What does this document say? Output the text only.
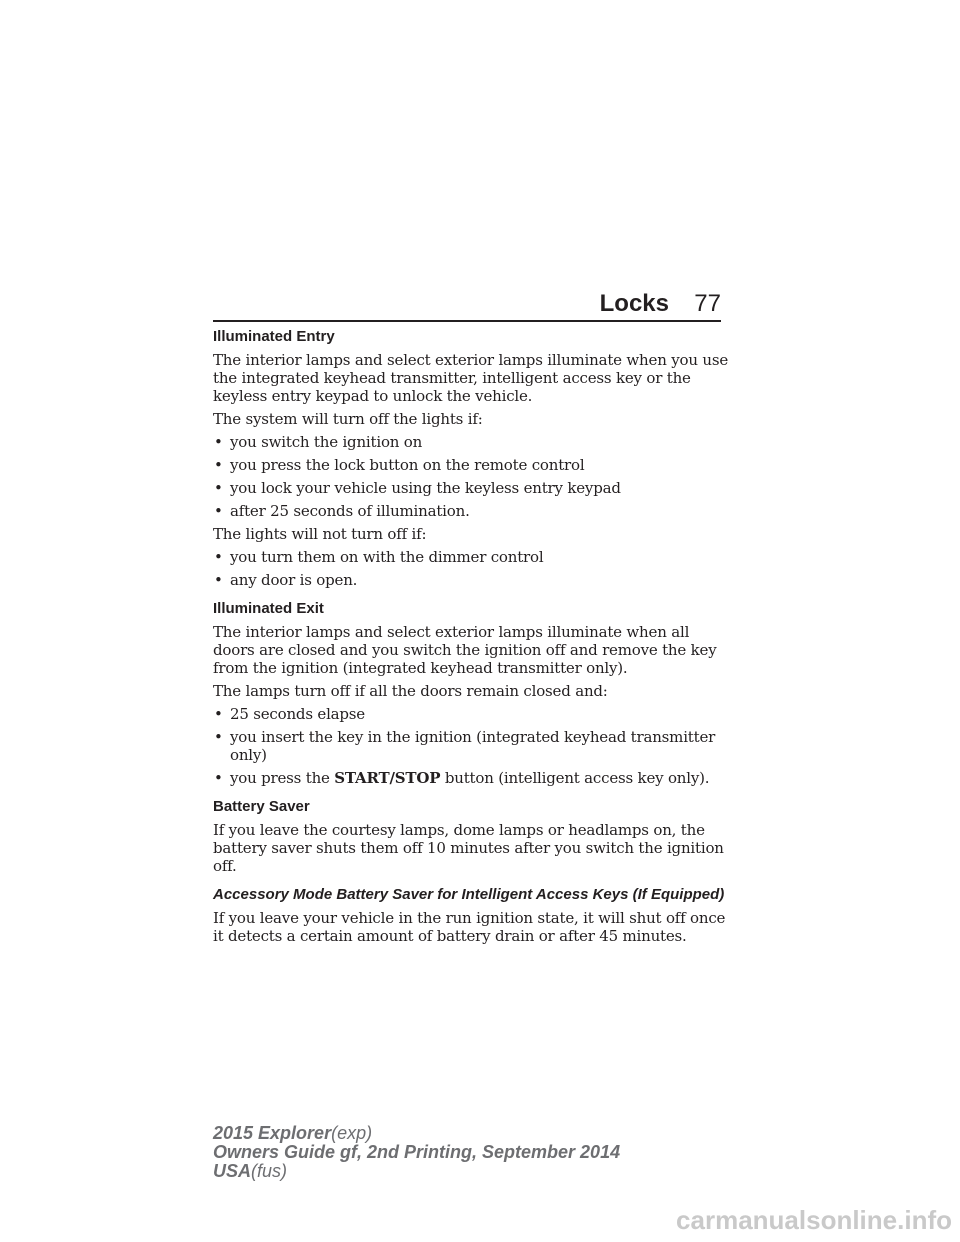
Locks 77
Illuminated Entry

The interior lamps and select exterior lamps illuminate when you use the integrated keyhead transmitter, intelligent access key or the keyless entry keypad to unlock the vehicle.

The system will turn off the lights if:

• you switch the ignition on
• you press the lock button on the remote control
• you lock your vehicle using the keyless entry keypad
• after 25 seconds of illumination.

The lights will not turn off if:

• you turn them on with the dimmer control
• any door is open.
Illuminated Exit

The interior lamps and select exterior lamps illuminate when all doors are closed and you switch the ignition off and remove the key from the ignition (integrated keyhead transmitter only).

The lamps turn off if all the doors remain closed and:

• 25 seconds elapse
• you insert the key in the ignition (integrated keyhead transmitter only)
• you press the START/STOP button (intelligent access key only).
Battery Saver

If you leave the courtesy lamps, dome lamps or headlamps on, the battery saver shuts them off 10 minutes after you switch the ignition off.

Accessory Mode Battery Saver for Intelligent Access Keys (If Equipped)

If you leave your vehicle in the run ignition state, it will shut off once it detects a certain amount of battery drain or after 45 minutes.

2015 Explorer(exp)
Owners Guide gf, 2nd Printing, September 2014
USA(fus)
carmanualsonline.info
